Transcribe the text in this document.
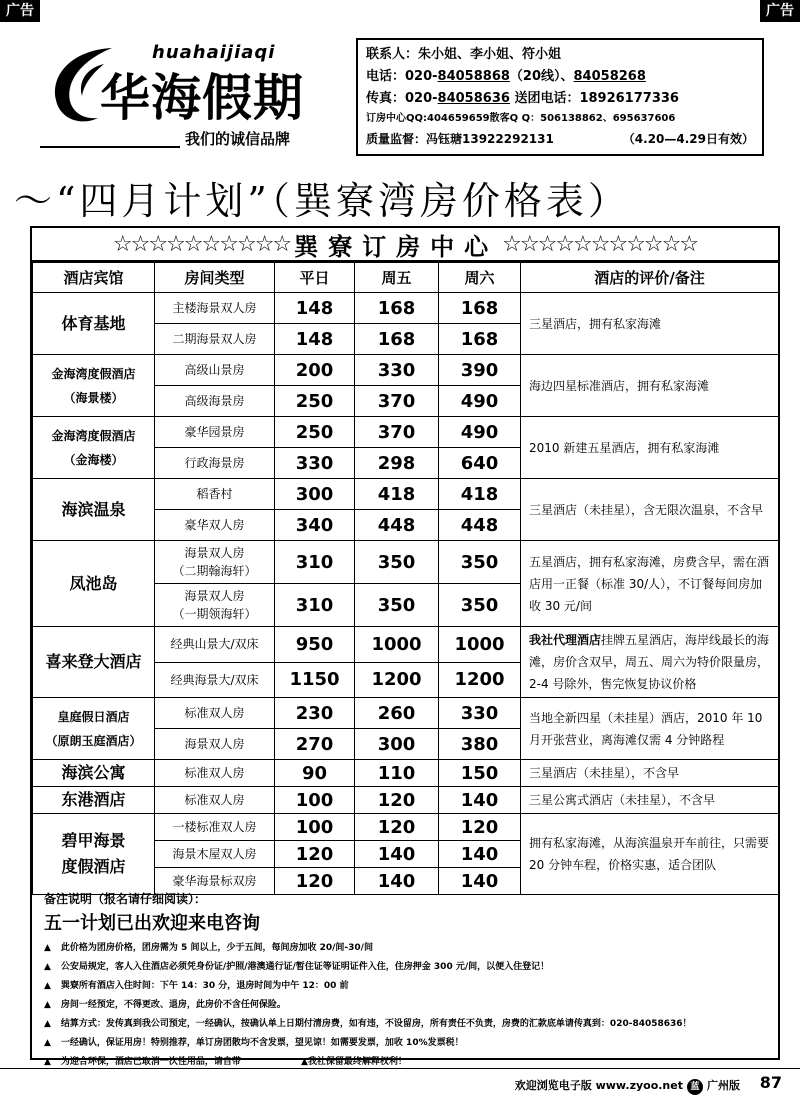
广告	广告
huahaijiaqi
华海假期
我们的诚信品牌
联系人：朱小姐、李小姐、符小姐
电话：020-84058868（20线）、84058268
传真：020-84058636 送团电话：18926177336
订房中心QQ:404659659散客Q Q：506138862、695637606
质量监督：冯钰瑭13922292131	（4.20—4.29日有效）
～“四月计划”（巽寮湾房价格表）
☆☆☆☆☆☆☆☆☆☆ 巽寮订房中心 ☆☆☆☆☆☆☆☆☆☆☆
酒店宾馆	房间类型	平日	周五	周六	酒店的评价/备注

体育基地	主楼海景双人房	148	168	168	三星酒店，拥有私家海滩

	二期海景双人房	148	168	168	

金海湾度假酒店
（海景楼）	高级山景房	200	330	390	海边四星标准酒店，拥有私家海滩

	高级海景房	250	370	490	

金海湾度假酒店
（金海楼）	豪华园景房	250	370	490	2010 新建五星酒店，拥有私家海滩

	行政海景房	330	298	640	

海滨温泉	稻香村	300	418	418	三星酒店（未挂星），含无限次温泉，不含早

	豪华双人房	340	448	448	

凤池岛	海景双人房
（二期翰海轩）	310	350	350	五星酒店，拥有私家海滩，房费含早，需在酒店用一正餐（标准 30/人），不订餐每间房加收 30 元/间

	海景双人房
（一期领海轩）	310	350	350	

喜来登大酒店	经典山景大/双床	950	1000	1000	我社代理酒店挂牌五星酒店，海岸线最长的海滩，房价含双早，周五、周六为特价限量房，2-4 号除外，售完恢复协议价格

	经典海景大/双床	1150	1200	1200	

皇庭假日酒店
（原朗玉庭酒店）	标准双人房	230	260	330	当地全新四星（未挂星）酒店，2010 年 10 月开张营业，离海滩仅需 4 分钟路程

	海景双人房	270	300	380	

海滨公寓	标准双人房	90	110	150	三星酒店（未挂星），不含早

东港酒店	标准双人房	100	120	140	三星公寓式酒店（未挂星），不含早

碧甲海景
度假酒店	一楼标准双人房	100	120	120	拥有私家海滩，从海滨温泉开车前往，只需要 20 分钟车程，价格实惠，适合团队

	海景木屋双人房	120	140	140	

	豪华海景标双房	120	140	140	
备注说明（报名请仔细阅读）：
五一计划已出欢迎来电咨询
▲ 此价格为团房价格，团房需为 5 间以上，少于五间，每间房加收 20/间-30/间
▲ 公安局规定，客人入住酒店必须凭身份证/护照/港澳通行证/暂住证等证明证件入住，住房押金 300 元/间，以便入住登记！
▲ 巽寮所有酒店入住时间：下午 14：30 分，退房时间为中午 12：00 前
▲ 房间一经预定，不得更改、退房，此房价不含任何保险。
▲ 结算方式：发传真到我公司预定，一经确认，按确认单上日期付清房费，如有违，不设留房，所有责任不负责，房费的汇款底单请传真到：020-84058636！
▲ 一经确认，保证用房！特别推荐，单订房团散均不含发票，望见谅！如需要发票，加收 10%发票税！
▲ 为迎合环保，酒店已取消一次性用品，请自带	▲我社保留最终解释权利！
欢迎浏览电子版 www.zyoo.net 蓝 广州版 87
